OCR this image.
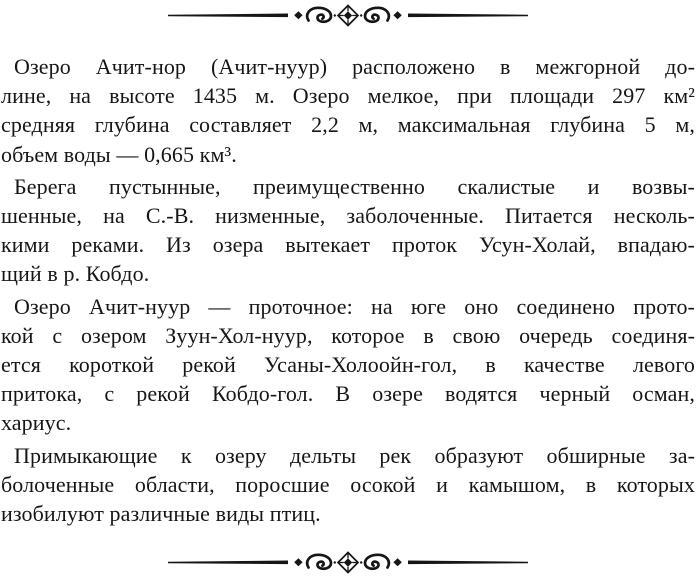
Озеро Ачит-нор (Ачит-нуур) расположено в межгорной до-
лине, на высоте 1435 м. Озеро мелкое, при площади 297 км²
средняя глубина составляет 2,2 м, максимальная глубина 5 м,
объем воды — 0,665 км³.

Берега пустынные, преимущественно скалистые и возвы-
шенные, на С.-В. низменные, заболоченные. Питается несколь-
кими реками. Из озера вытекает проток Усун-Холай, впадаю-
щий в р. Кобдо.

Озеро Ачит-нуур — проточное: на юге оно соединено прото-
кой с озером Зуун-Хол-нуур, которое в свою очередь соединя-
ется короткой рекой Усаны-Холоойн-гол, в качестве левого
притока, с рекой Кобдо-гол. В озере водятся черный осман,
хариус.

Примыкающие к озеру дельты рек образуют обширные за-
болоченные области, поросшие осокой и камышом, в которых
изобилуют различные виды птиц.
